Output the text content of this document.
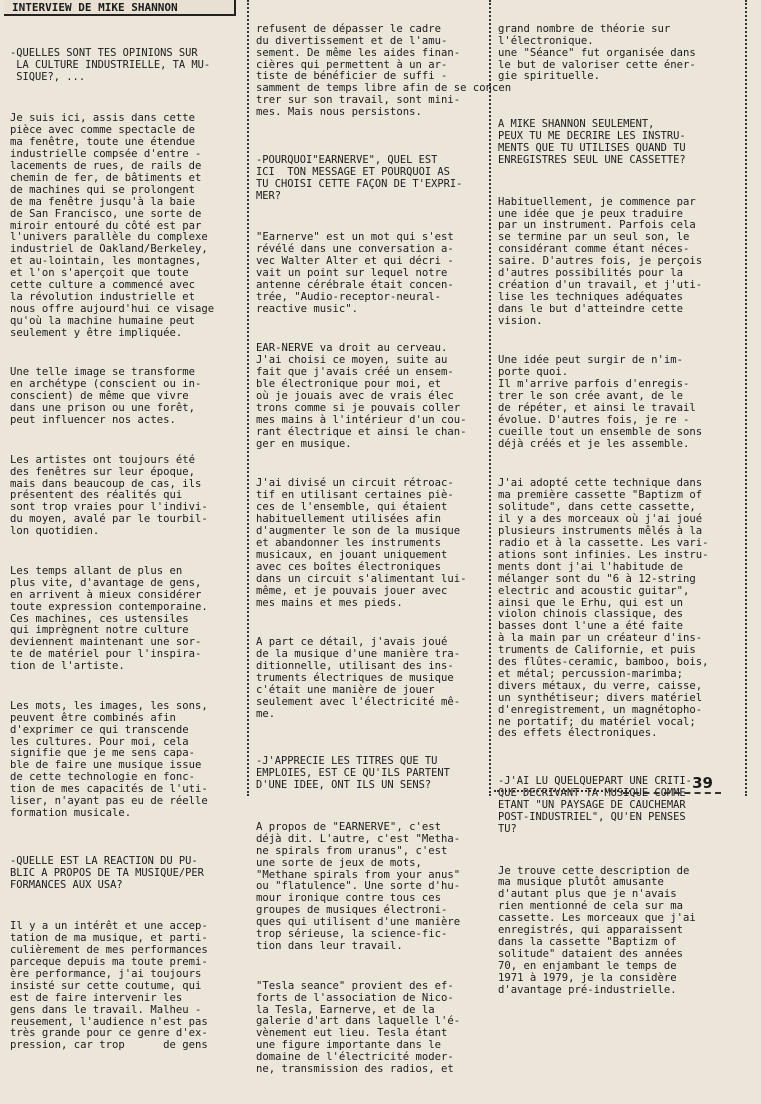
INTERVIEW DE MIKE SHANNON

-QUELLES SONT TES OPINIONS SUR
LA CULTURE INDUSTRIELLE, TA MU-
SIQUE?, ...

Je suis ici, assis dans cette
pièce avec comme spectacle de
ma fenêtre, toute une étendue
industrielle compsée d'entre -
lacements de rues, de rails de
chemin de fer, de bâtiments et
de machines qui se prolongent
de ma fenêtre jusqu'à la baie
de San Francisco, une sorte de
miroir entouré du côté est par
l'univers parallèle du complexe
industriel de Oakland/Berkeley,
et au-lointain, les montagnes,
et l'on s'aperçoit que toute
cette culture a commencé avec
la révolution industrielle et
nous offre aujourd'hui ce visage
qu'où la machine humaine peut
seulement y être impliquée.

Une telle image se transforme
en archétype (conscient ou in-
conscient) de même que vivre
dans une prison ou une forêt,
peut influencer nos actes.

Les artistes ont toujours été
des fenêtres sur leur époque,
mais dans beaucoup de cas, ils
présentent des réalités qui
sont trop vraies pour l'indivi-
du moyen, avalé par le tourbil-
lon quotidien.

Les temps allant de plus en
plus vite, d'avantage de gens,
en arrivent à mieux considérer
toute expression contemporaine.
Ces machines, ces ustensiles
qui imprègnent notre culture
deviennent maintenant une sor-
te de matériel pour l'inspira-
tion de l'artiste.

Les mots, les images, les sons,
peuvent être combinés afin
d'exprimer ce qui transcende
les cultures. Pour moi, cela
signifie que je me sens capa-
ble de faire une musique issue
de cette technologie en fonc-
tion de mes capacités de l'uti-
liser, n'ayant pas eu de réelle
formation musicale.

-QUELLE EST LA REACTION DU PU-
BLIC A PROPOS DE TA MUSIQUE/PER
FORMANCES AUX USA?

Il y a un intérêt et une accep-
tation de ma musique, et parti-
culièrement de mes performances
parceque depuis ma toute premi-
ère performance, j'ai toujours
insisté sur cette coutume, qui
est de faire intervenir les
gens dans le travail. Malheu -
reusement, l'audience n'est pas
très grande pour ce genre d'ex-
pression, car trop      de gens

refusent de dépasser le cadre
du divertissement et de l'amu-
sement. De même les aides finan-
cières qui permettent à un ar-
tiste de bénéficier de suffi -
samment de temps libre afin de se concen
trer sur son travail, sont mini-
mes. Mais nous persistons.

-POURQUOI"EARNERVE", QUEL EST
ICI  TON MESSAGE ET POURQUOI AS
TU CHOISI CETTE FAÇON DE T'EXPRI-
MER?

"Earnerve" est un mot qui s'est
révélé dans une conversation a-
vec Walter Alter et qui décri -
vait un point sur lequel notre
antenne cérébrale était concen-
trée, "Audio-receptor-neural-
reactive music".

EAR-NERVE va droit au cerveau.
J'ai choisi ce moyen, suite au
fait que j'avais créé un ensem-
ble électronique pour moi, et
où je jouais avec de vrais élec
trons comme si je pouvais coller
mes mains à l'intérieur d'un cou-
rant électrique et ainsi le chan-
ger en musique.

J'ai divisé un circuit rétroac-
tif en utilisant certaines piè-
ces de l'ensemble, qui étaient
habituellement utilisées afin
d'augmenter le son de la musique
et abandonner les instruments
musicaux, en jouant uniquement
avec ces boîtes électroniques
dans un circuit s'alimentant lui-
même, et je pouvais jouer avec
mes mains et mes pieds.

A part ce détail, j'avais joué
de la musique d'une manière tra-
ditionnelle, utilisant des ins-
truments électriques de musique
c'était une manière de jouer
seulement avec l'électricité mê-
me.

-J'APPRECIE LES TITRES QUE TU
EMPLOIES, EST CE QU'ILS PARTENT
D'UNE IDEE, ONT ILS UN SENS?

A propos de "EARNERVE", c'est
déjà dit. L'autre, c'est "Metha-
ne spirals from uranus", c'est
une sorte de jeux de mots,
"Methane spirals from your anus"
ou "flatulence". Une sorte d'hu-
mour ironique contre tous ces
groupes de musiques électroni-
ques qui utilisent d'une manière
trop sérieuse, la science-fic-
tion dans leur travail.

"Tesla seance" provient des ef-
forts de l'association de Nico-
la Tesla, Earnerve, et de la
galerie d'art dans laquelle l'é-
vènement eut lieu. Tesla étant
une figure importante dans le
domaine de l'électricité moder-
ne, transmission des radios, et

grand nombre de théorie sur
l'électronique.
une "Séance" fut organisée dans
le but de valoriser cette éner-
gie spirituelle.

A MIKE SHANNON SEULEMENT,
PEUX TU ME DECRIRE LES INSTRU-
MENTS QUE TU UTILISES QUAND TU
ENREGISTRES SEUL UNE CASSETTE?

Habituellement, je commence par
une idée que je peux traduire
par un instrument. Parfois cela
se termine par un seul son, le
considérant comme étant néces-
saire. D'autres fois, je perçois
d'autres possibilités pour la
création d'un travail, et j'uti-
lise les techniques adéquates
dans le but d'atteindre cette
vision.

Une idée peut surgir de n'im-
porte quoi.
Il m'arrive parfois d'enregis-
trer le son crée avant, de le
de répéter, et ainsi le travail
évolue. D'autres fois, je re -
cueille tout un ensemble de sons
déjà créés et je les assemble.

J'ai adopté cette technique dans
ma première cassette "Baptizm of
solitude", dans cette cassette,
il y a des morceaux où j'ai joué
plusieurs instruments mêlés à la
radio et à la cassette. Les vari-
ations sont infinies. Les instru-
ments dont j'ai l'habitude de
mélanger sont du "6 à 12-string
electric and acoustic guitar",
ainsi que le Erhu, qui est un
violon chinois classique, des
basses dont l'une a été faite
à la main par un créateur d'ins-
truments de Californie, et puis
des flûtes-ceramic, bamboo, bois,
et métal; percussion-marimba;
divers métaux, du verre, caisse,
un synthétiseur; divers matériel
d'enregistrement, un magnétopho-
ne portatif; du matériel vocal;
des effets électroniques.

-J'AI LU QUELQUEPART UNE CRITI-
QUE DECRIVANT TA MUSIQUE COMME
ETANT "UN PAYSAGE DE CAUCHEMAR
POST-INDUSTRIEL", QU'EN PENSES
TU?

Je trouve cette description de
ma musique plutôt amusante
d'autant plus que je n'avais
rien mentionné de cela sur ma
cassette. Les morceaux que j'ai
enregistrés, qui apparaissent
dans la cassette "Baptizm of
solitude" dataient des années
70, en enjambant le temps de
1971 à 1979, je la considère
d'avantage pré-industrielle.

39
